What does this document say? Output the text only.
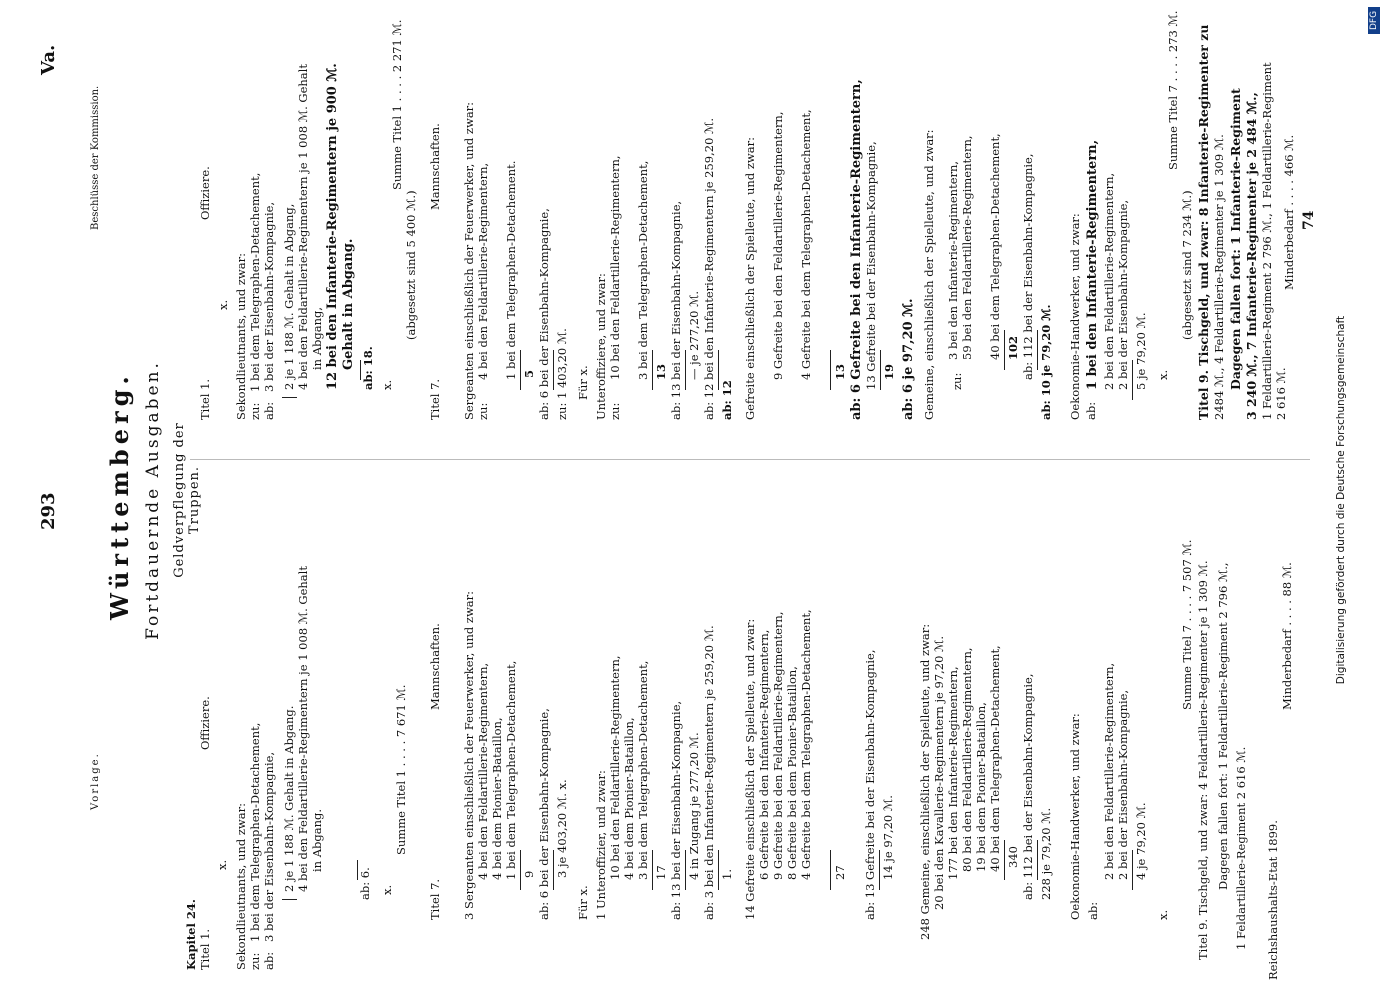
293
Va.
Vorlage.
Beschlüsse der Kommission.
Württemberg. Fortdauernde Ausgaben. Geldverpflegung der Truppen.
Kapitel 24. Titel 1.
Offiziere.
x. Sekondlieutnants, und zwar: zu:
1 bei dem Telegraphen-Detachement,
ab:
3 bei der Eisenbahn-Kompagnie, 2 je 1 188 ℳ. Gehalt in Abgang. 4 bei den Feldartillerie-Regimentern je 1 008 ℳ. Gehalt in Abgang.
ab: 6. x.
Summe Titel 1 . . . . 7 671 ℳ.
Titel 7.
Mannschaften. 3 Sergeanten einschließlich der Feuerwerker, und zwar: 4 bei den Feldartillerie-Regimentern, 4 bei dem Pionier-Bataillon, 1 bei dem Telegraphen-Detachement, 9 ab: 6 bei der Eisenbahn-Kompagnie, 3 je 403,20 ℳ. x.
Für x. 1 Unteroffizier, und zwar: 10 bei den Feldartillerie-Regimentern, 4 bei dem Pionier-Bataillon, 3 bei dem Telegraphen-Detachement, 17 ab: 13 bei der Eisenbahn-Kompagnie, 4 in Zugang je 277,20 ℳ. ab: 3 bei den Infanterie-Regimentern je 259,20 ℳ. 1. 14 Gefreite einschließlich der Spielleute, und zwar: 6 Gefreite bei den Infanterie-Regimentern, 9 Gefreite bei den Feldartillerie-Regimentern, 8 Gefreite bei dem Pionier-Bataillon, 4 Gefreite bei dem Telegraphen-Detachement, 27 ab: 13 Gefreite bei der Eisenbahn-Kompagnie, 14 je 97,20 ℳ. 248 Gemeine, einschließlich der Spielleute, und zwar: 20 bei den Kavallerie-Regimentern je 97,20 ℳ. 177 bei den Infanterie-Regimentern, 80 bei den Feldartillerie-Regimentern, 19 bei dem Pionier-Bataillon, 40 bei dem Telegraphen-Detachement, 340 ab: 112 bei der Eisenbahn-Kompagnie, 228 je 79,20 ℳ. Oekonomie-Handwerker, und zwar: ab:
2 bei den Feldartillerie-Regimentern, 2 bei der Eisenbahn-Kompagnie, 4 je 79,20 ℳ.
x.
Summe Titel 7 . . . . 7 507 ℳ. Titel 9. Tischgeld, und zwar: 4 Feldartillerie-Regimenter je 1 309 ℳ. Dagegen fallen fort: 1 Feldartillerie-Regiment 2 796 ℳ., 1 Feldartillerie-Regiment 2 616 ℳ.
Minderbedarf . . . . 88 ℳ.
Reichshaushalts-Etat 1899.
Titel 1.
Offiziere.
x. Sekondlieutnants, und zwar: zu:
1 bei dem Telegraphen-Detachement,
ab:
3 bei der Eisenbahn-Kompagnie, 2 je 1 188 ℳ. Gehalt in Abgang, 4 bei den Feldartillerie-Regimentern je 1 008 ℳ. Gehalt in Abgang, 12 bei den Infanterie-Regimentern je 900 ℳ. Gehalt in Abgang. ab: 18. x.
Summe Titel 1 . . . . 2 271 ℳ.
(abgesetzt sind 5 400 ℳ.)
Titel 7.
Mannschaften. Sergeanten einschließlich der Feuerwerker, und zwar: zu:
4 bei den Feldartillerie-Regimentern, 1 bei dem Telegraphen-Detachement. 5 ab: 6 bei der Eisenbahn-Kompagnie, zu: 1 403,20 ℳ. Für x. Unteroffiziere, und zwar: zu:
10 bei den Feldartillerie-Regimentern, 3 bei dem Telegraphen-Detachement, 13 ab: 13 bei der Eisenbahn-Kompagnie, — je 277,20 ℳ. ab: 12 bei den Infanterie-Regimentern je 259,20 ℳ. ab: 12 Gefreite einschließlich der Spielleute, und zwar: 9 Gefreite bei den Feldartillerie-Regimentern, 4 Gefreite bei dem Telegraphen-Detachement, 13 ab: 6 Gefreite bei den Infanterie-Regimentern, 13 Gefreite bei der Eisenbahn-Kompagnie, 19 ab: 6 je 97,20 ℳ. Gemeine, einschließlich der Spielleute, und zwar: zu:
3 bei den Infanterie-Regimentern, 59 bei den Feldartillerie-Regimentern, 40 bei dem Telegraphen-Detachement, 102 ab: 112 bei der Eisenbahn-Kompagnie, ab: 10 je 79,20 ℳ. Oekonomie-Handwerker, und zwar: ab:
1 bei den Infanterie-Regimentern, 2 bei den Feldartillerie-Regimentern, 2 bei der Eisenbahn-Kompagnie, 5 je 79,20 ℳ. x.
Summe Titel 7 . . . . 273 ℳ.
(abgesetzt sind 7 234 ℳ.) Titel 9. Tischgeld, und zwar: 8 Infanterie-Regimenter zu 2484 ℳ., 4 Feldartillerie-Regimenter je 1 309 ℳ. Dagegen fallen fort: 1 Infanterie-Regiment 3 240 ℳ., 7 Infanterie-Regimenter je 2 484 ℳ., 1 Feldartillerie-Regiment 2 796 ℳ., 1 Feldartillerie-Regiment 2 616 ℳ.
Minderbedarf . . . . 466 ℳ. 74
Digitalisierung gefördert durch die Deutsche Forschungsgemeinschaft
DFG
